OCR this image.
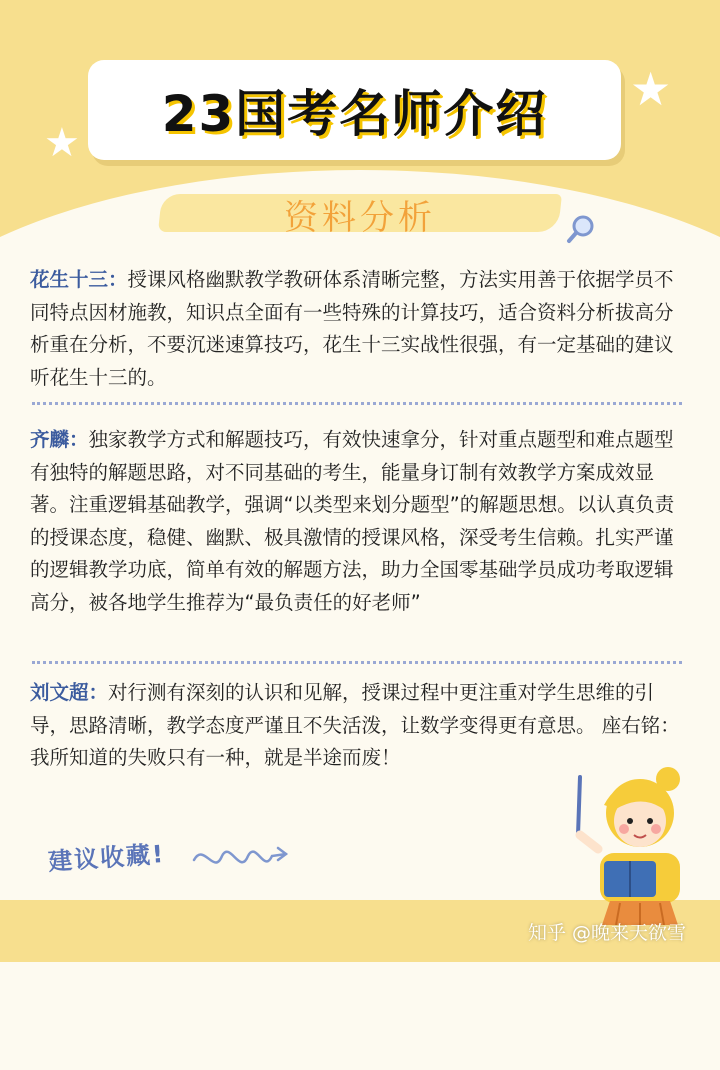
★
★
23国考名师介绍
资料分析
花生十三：授课风格幽默教学教研体系清晰完整，方法实用善于依据学员不同特点因材施教，知识点全面有一些特殊的计算技巧，适合资料分析拔高分析重在分析，不要沉迷速算技巧，花生十三实战性很强，有一定基础的建议听花生十三的。
齐麟：独家教学方式和解题技巧，有效快速拿分，针对重点题型和难点题型有独特的解题思路，对不同基础的考生，能量身订制有效教学方案成效显著。注重逻辑基础教学，强调“以类型来划分题型”的解题思想。以认真负责的授课态度，稳健、幽默、极具激情的授课风格，深受考生信赖。扎实严谨的逻辑教学功底，简单有效的解题方法，助力全国零基础学员成功考取逻辑高分，被各地学生推荐为“最负责任的好老师”
刘文超：对行测有深刻的认识和见解，授课过程中更注重对学生思维的引导，思路清晰，教学态度严谨且不失活泼，让数学变得更有意思。 座右铭：我所知道的失败只有一种，就是半途而废！
建议收藏!
知乎 @晚来天欲雪
